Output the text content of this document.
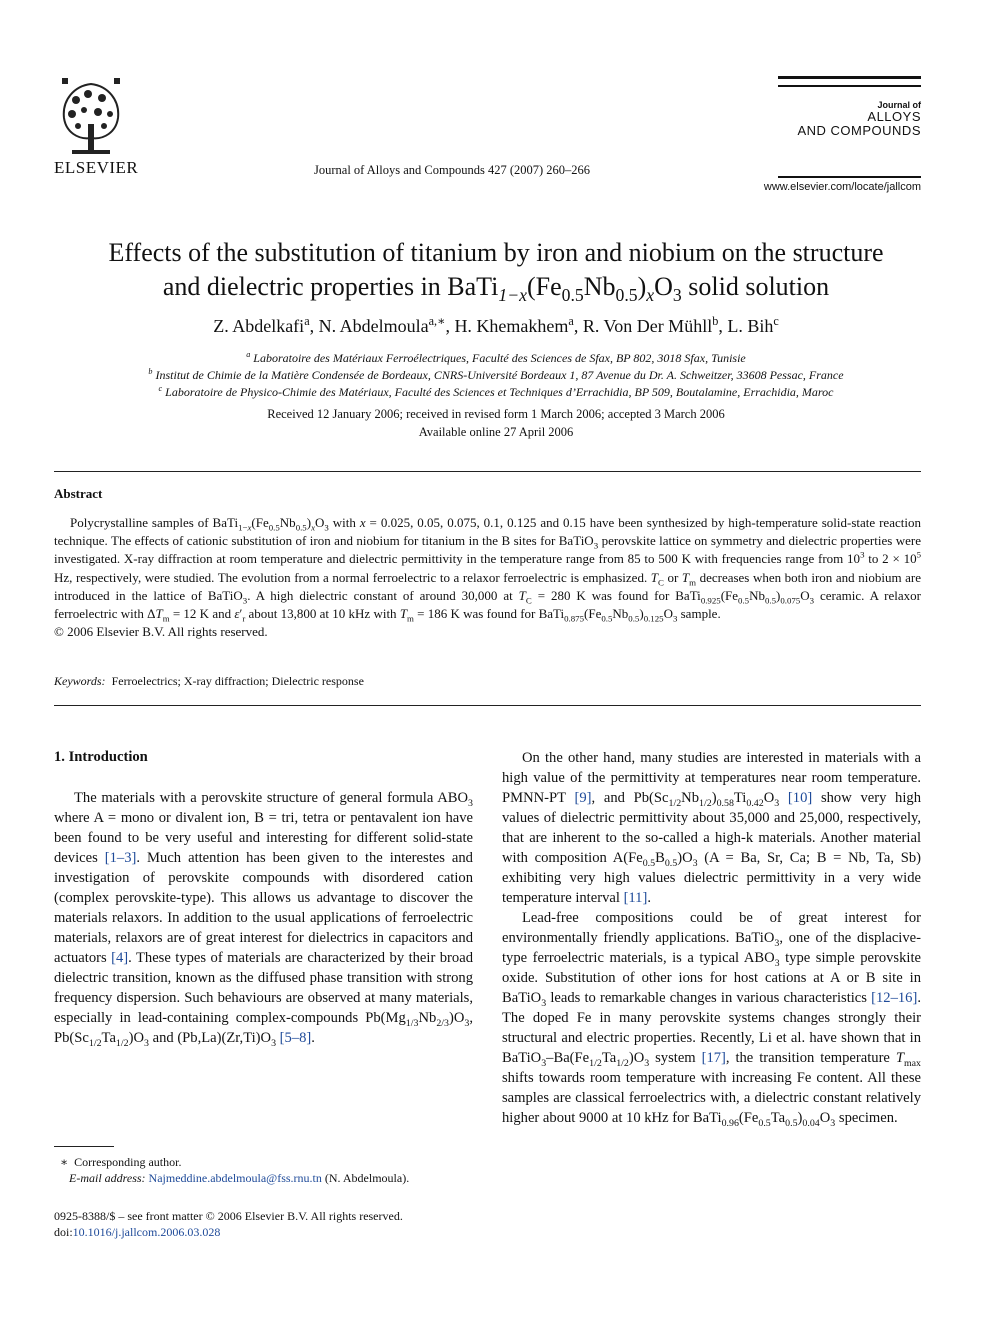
ELSEVIER	Journal of Alloys and Compounds 427 (2007) 260–266
Journal of
ALLOYS
AND COMPOUNDS
www.elsevier.com/locate/jallcom
Effects of the substitution of titanium by iron and niobium on the structure
and dielectric properties in $BaTi_{1-x}(Fe_{0.5}Nb_{0.5})_xO_3$ solid solution
Z. Abdelkafi$^a$, N. Abdelmoula$^{a,∗}$, H. Khemakhem$^a$, R. Von Der Mühll$^b$, L. Bih$^c$
$^a$ Laboratoire des Matériaux Ferroélectriques, Faculté des Sciences de Sfax, BP 802, 3018 Sfax, Tunisie
$^b$ Institut de Chimie de la Matière Condensée de Bordeaux, CNRS-Université Bordeaux 1, 87 Avenue du Dr. A. Schweitzer, 33608 Pessac, France
$^c$ Laboratoire de Physico-Chimie des Matériaux, Faculté des Sciences et Techniques d’Errachidia, BP 509, Boutalamine, Errachidia, Maroc
Received 12 January 2006; received in revised form 1 March 2006; accepted 3 March 2006
Available online 27 April 2006
Abstract

Polycrystalline samples of $BaTi_{1-x}(Fe_{0.5}Nb_{0.5})_xO_3$ with x = 0.025, 0.05, 0.075, 0.1, 0.125 and 0.15 have been synthesized by high-temperature solid-state reaction technique. The effects of cationic substitution of iron and niobium for titanium in the B sites for BaTiO$_3$ perovskite lattice on symmetry and dielectric properties were investigated. X-ray diffraction at room temperature and dielectric permittivity in the temperature range from 85 to 500 K with frequencies range from $10^3$ to $2 \times 10^5$ Hz, respectively, were studied. The evolution from a normal ferroelectric to a relaxor ferroelectric is emphasized. $T_C$ or $T_m$ decreases when both iron and niobium are introduced in the lattice of BaTiO$_3$. A high dielectric constant of around 30,000 at $T_C = 280$ K was found for $BaTi_{0.925}(Fe_{0.5}Nb_{0.5})_{0.075}O_3$ ceramic. A relaxor ferroelectric with $\Delta T_m = 12$ K and $\varepsilon'_r$ about 13,800 at 10 kHz with $T_m = 186$ K was found for $BaTi_{0.875}(Fe_{0.5}Nb_{0.5})_{0.125}O_3$ sample.

© 2006 Elsevier B.V. All rights reserved.

Keywords: Ferroelectrics; X-ray diffraction; Dielectric response
1. Introduction

The materials with a perovskite structure of general formula $ABO_3$ where A = mono or divalent ion, B = tri, tetra or pentavalent ion have been found to be very useful and interesting for different solid-state devices [1–3]. Much attention has been given to the interestes and investigation of perovskite compounds with disordered cation (complex perovskite-type). This allows us advantage to discover the materials relaxors. In addition to the usual applications of ferroelectric materials, relaxors are of great interest for dielectrics in capacitors and actuators [4]. These types of materials are characterized by their broad dielectric transition, known as the diffused phase transition with strong frequency dispersion. Such behaviours are observed at many materials, especially in lead-containing complex-compounds $Pb(Mg_{1/3}Nb_{2/3})O_3$, $Pb(Sc_{1/2}Ta_{1/2})O_3$ and $(Pb,La)(Zr,Ti)O_3$ [5–8].

On the other hand, many studies are interested in materials with a high value of the permittivity at temperatures near room temperature. PMNN-PT [9], and $Pb(Sc_{1/2}Nb_{1/2})_{0.58}Ti_{0.42}O_3$ [10] show very high values of dielectric permittivity about 35,000 and 25,000, respectively, that are inherent to the so-called a high-k materials. Another material with composition $A(Fe_{0.5}B_{0.5})O_3$ (A = Ba, Sr, Ca; B = Nb, Ta, Sb) exhibiting very high values dielectric permittivity in a very wide temperature interval [11].

Lead-free compositions could be of great interest for environmentally friendly applications. BaTiO$_3$, one of the displacive-type ferroelectric materials, is a typical $ABO_3$ type simple perovskite oxide. Substitution of other ions for host cations at A or B site in BaTiO$_3$ leads to remarkable changes in various characteristics [12–16]. The doped Fe in many perovskite systems changes strongly their structural and electric properties. Recently, Li et al. have shown that in $BaTiO_3-Ba(Fe_{1/2}Ta_{1/2})O_3$ system [17], the transition temperature $T_{max}$ shifts towards room temperature with increasing Fe content. All these samples are classical ferroelectrics with, a dielectric constant relatively higher about 9000 at 10 kHz for $BaTi_{0.96}(Fe_{0.5}Ta_{0.5})_{0.04}O_3$ specimen.

∗ Corresponding author.
E-mail address: Najmeddine.abdelmoula@fss.rnu.tn (N. Abdelmoula).
0925-8388/$ – see front matter © 2006 Elsevier B.V. All rights reserved.
doi:10.1016/j.jallcom.2006.03.028
